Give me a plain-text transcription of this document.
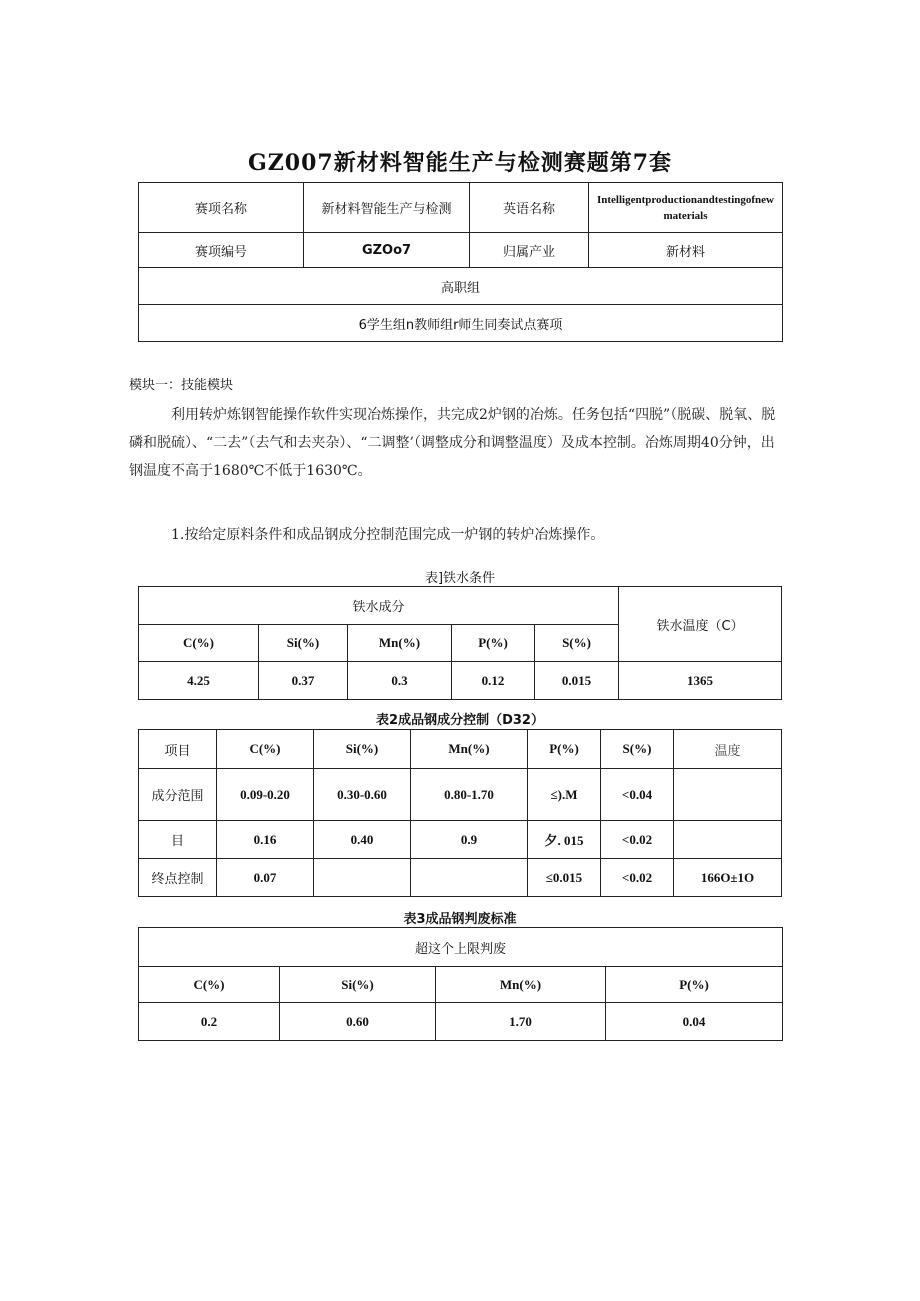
GZ007新材料智能生产与检测赛题第7套
赛项名称	新材料智能生产与检测	英语名称	Intelligentproductionandtestingofnewmaterials
赛项编号	GZOo7	归属产业	新材料
高职组			
6学生组n教师组r师生同奏试点赛项			
模块一：技能模块
利用转炉炼钢智能操作软件实现冶炼操作，共完成2炉钢的冶炼。任务包括“四脱”（脱碳、脱氧、脱磷和脱硫）、“二去”（去气和去夹杂）、“二调整’（调整成分和调整温度）及成本控制。冶炼周期40分钟，出钢温度不高于1680℃不低于1630℃。
1.按给定原料条件和成品钢成分控制范围完成一炉钢的转炉冶炼操作。
表]铁水条件
铁水成分					铁水温度（C）
C(%)	Si(%)	Mn(%)	P(%)	S(%)	
4.25	0.37	0.3	0.12	0.015	1365
表2成品钢成分控制（D32）
项目	C(%)	Si(%)	Mn(%)	P(%)	S(%)	温度
成分范围	0.09-0.20	0.30-0.60	0.80-1.70	≤).M	<0.04	
目	0.16	0.40	0.9	夕. 015	<0.02	
终点控制	0.07			≤0.015	<0.02	166O±1O
表3成品钢判废标准
超这个上限判废			
C(%)	Si(%)	Mn(%)	P(%)
0.2	0.60	1.70	0.04
